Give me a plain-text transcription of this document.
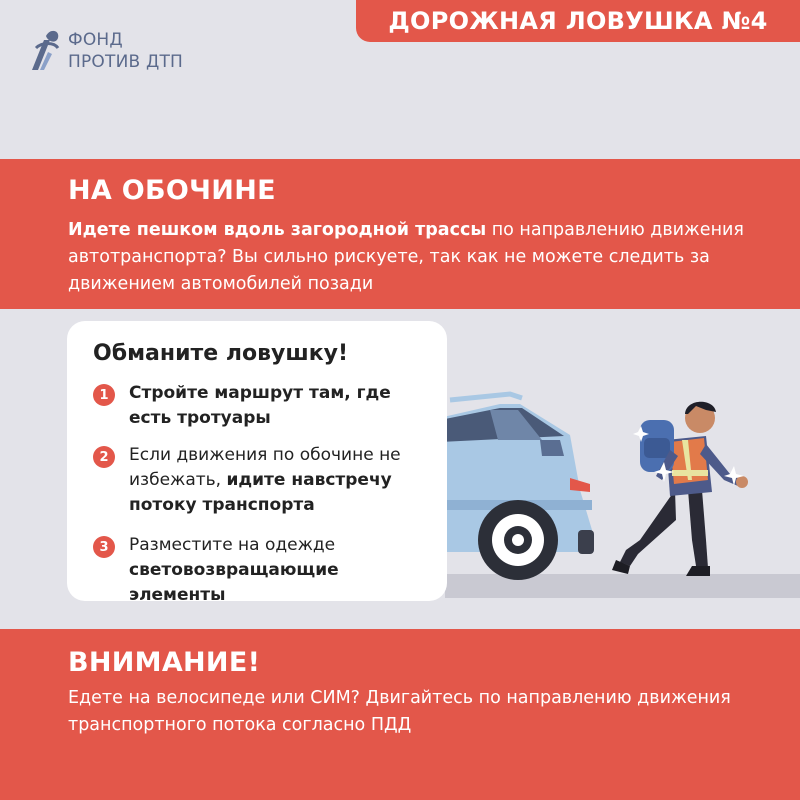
ФОНД
ПРОТИВ ДТП
ДОРОЖНАЯ ЛОВУШКА №4
НА ОБОЧИНЕ
Идете пешком вдоль загородной трассы по направлению движения автотранспорта? Вы сильно рискуете, так как не можете следить за движением автомобилей позади
Обманите ловушку!
1	Стройте маршрут там, где есть тротуары
2	Если движения по обочине не избежать, идите навстречу потоку транспорта
3	Разместите на одежде световозвращающие элементы
ВНИМАНИЕ!
Едете на велосипеде или СИМ? Двигайтесь по направлению движения транспортного потока согласно ПДД
